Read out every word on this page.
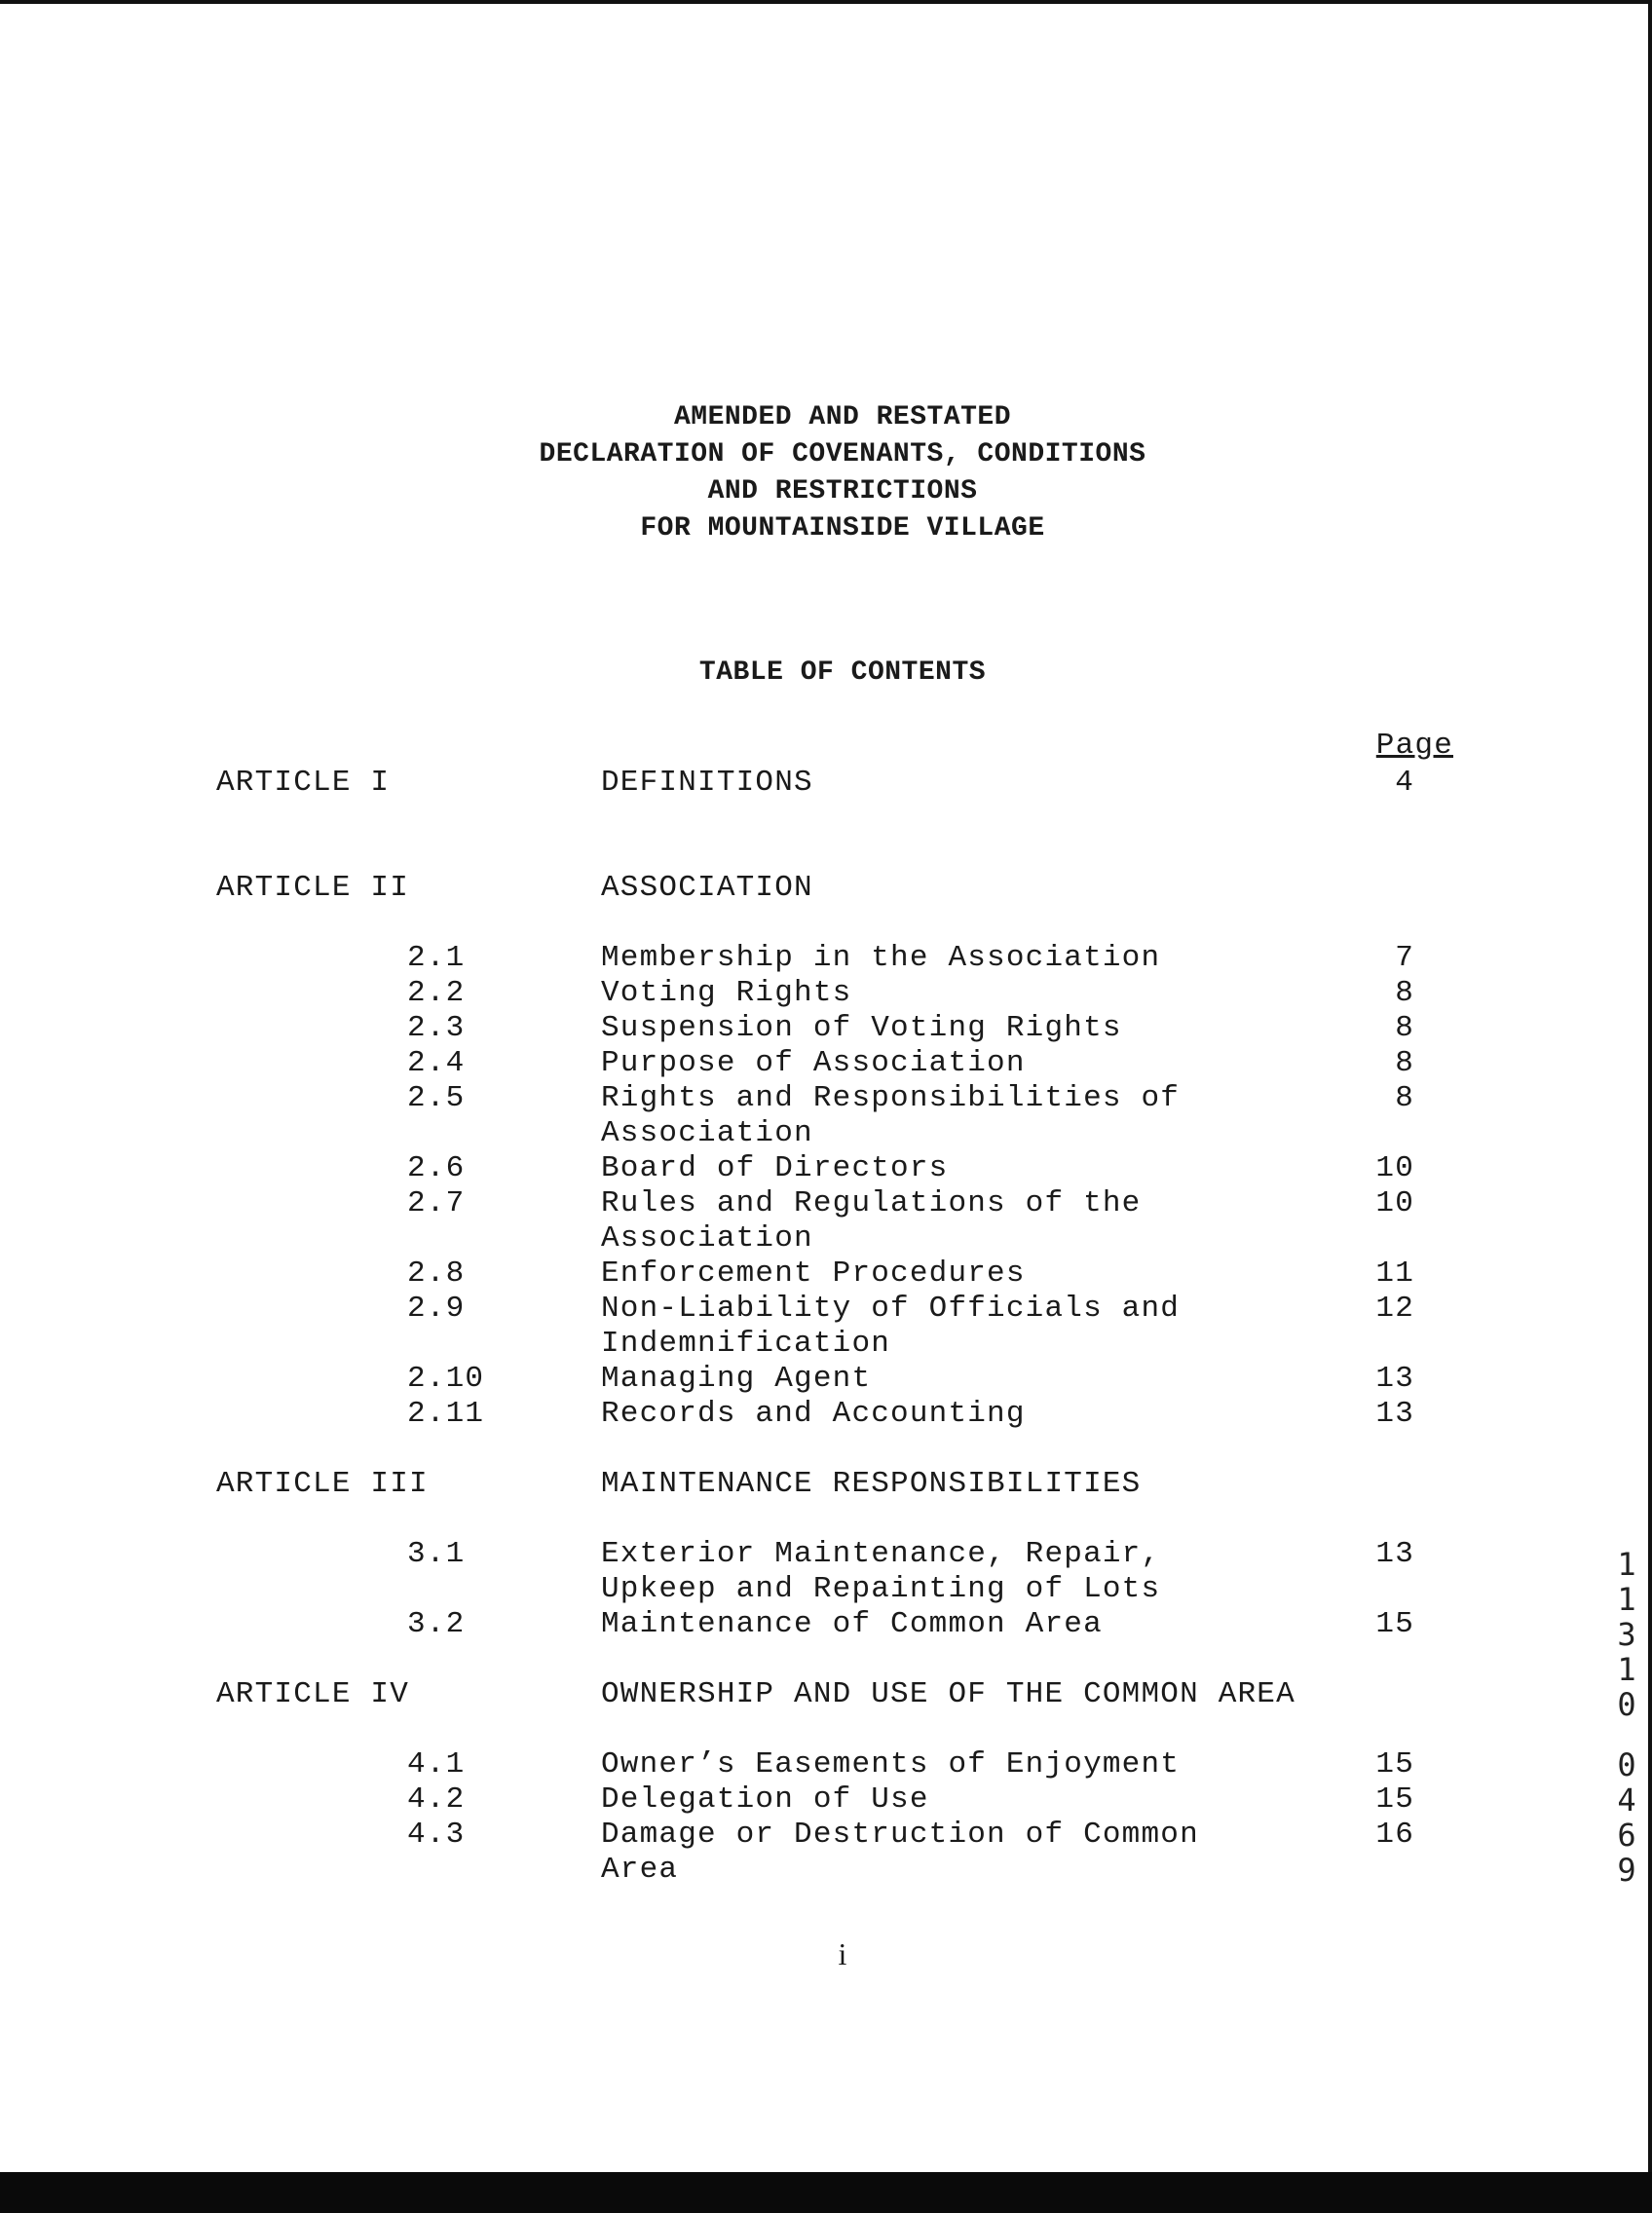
AMENDED AND RESTATED
DECLARATION OF COVENANTS, CONDITIONS
AND RESTRICTIONS
FOR MOUNTAINSIDE VILLAGE
TABLE OF CONTENTS
Page
ARTICLE I	DEFINITIONS	4
ARTICLE II	ASSOCIATION
2.1	Membership in the Association	7
2.2	Voting Rights	8
2.3	Suspension of Voting Rights	8
2.4	Purpose of Association	8
2.5	Rights and Responsibilities of	8
Association
2.6	Board of Directors	10
2.7	Rules and Regulations of the	10
Association
2.8	Enforcement Procedures	11
2.9	Non-Liability of Officials and	12
Indemnification
2.10	Managing Agent	13
2.11	Records and Accounting	13
ARTICLE III	MAINTENANCE RESPONSIBILITIES
3.1	Exterior Maintenance, Repair,	13
Upkeep and Repainting of Lots
3.2	Maintenance of Common Area	15
ARTICLE IV	OWNERSHIP AND USE OF THE COMMON AREA
4.1	Owner’s Easements of Enjoyment	15
4.2	Delegation of Use	15
4.3	Damage or Destruction of Common	16
Area
i
1
1
3
1
0
0
4
6
9
